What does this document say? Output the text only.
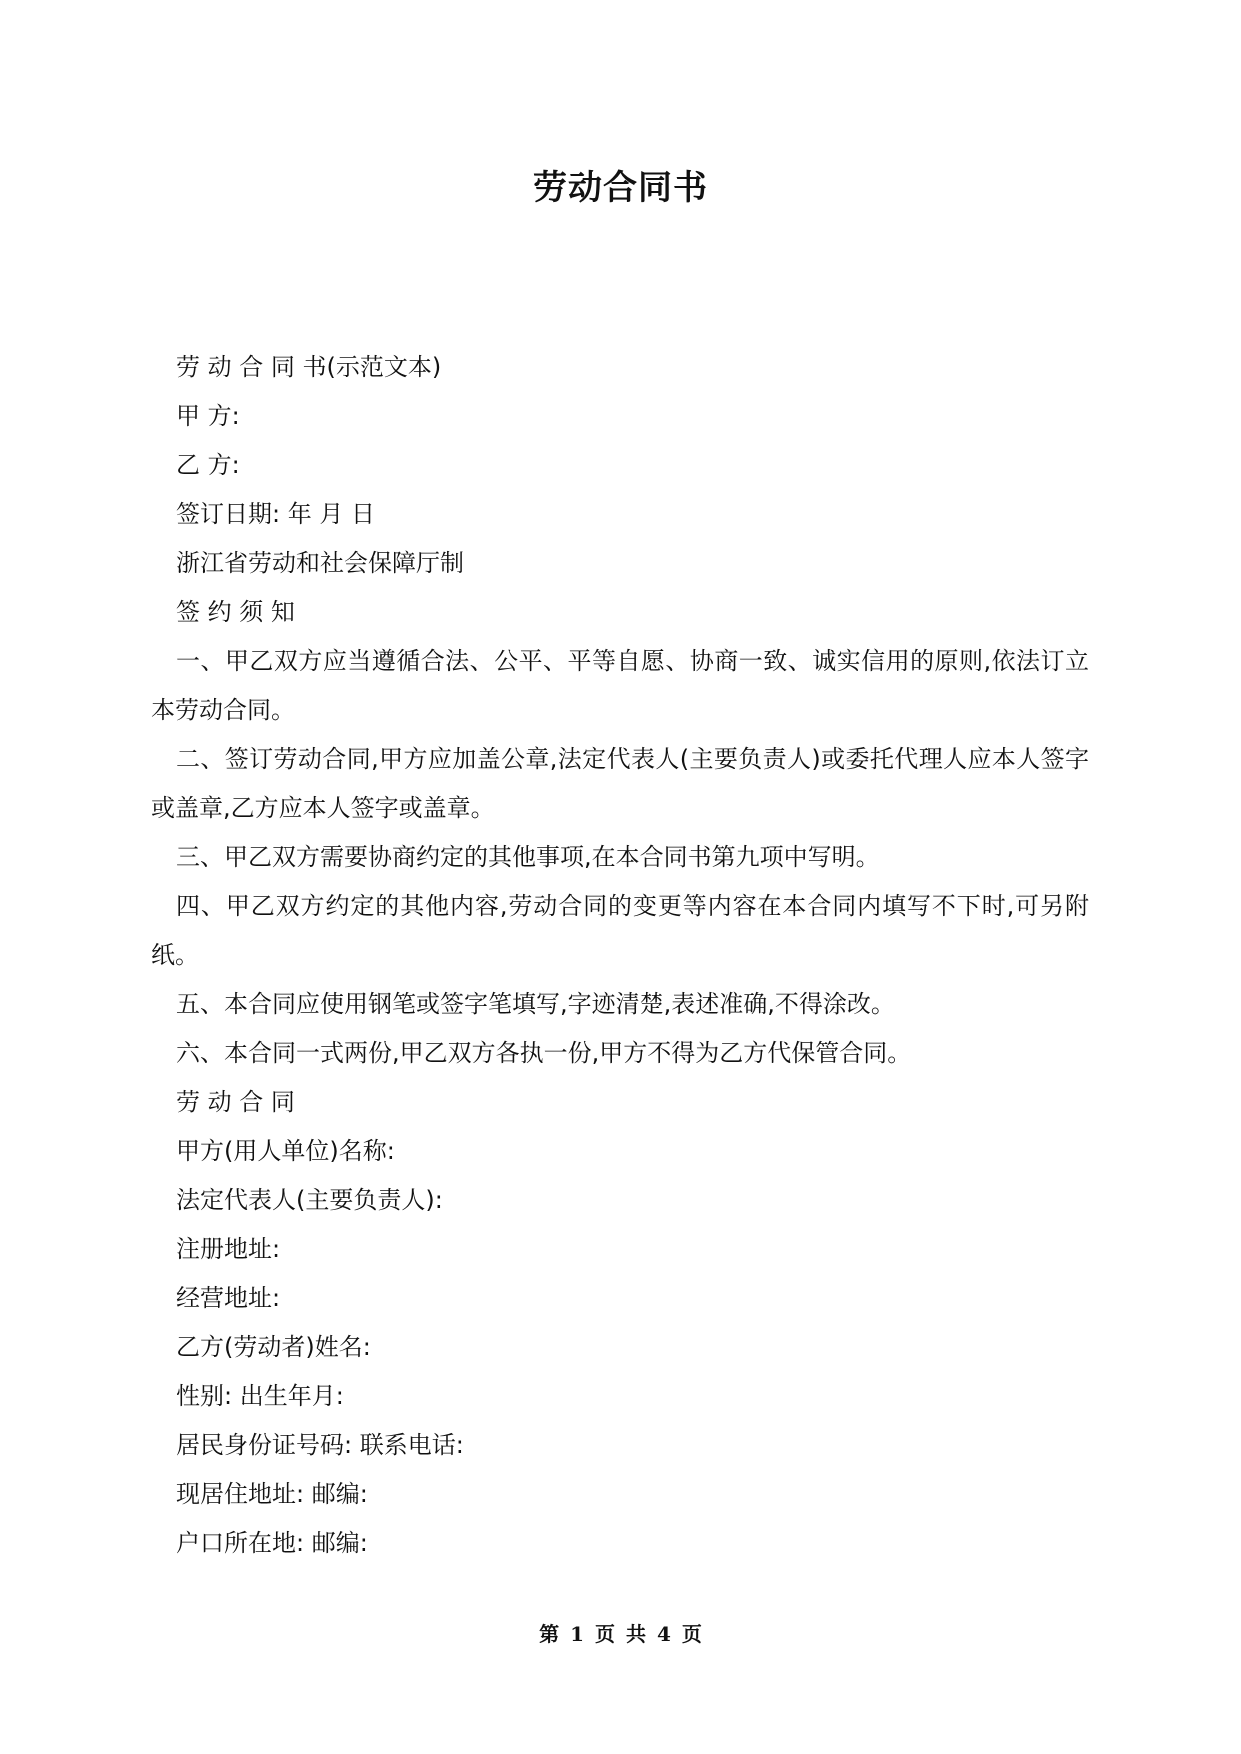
劳动合同书

劳 动 合 同 书(示范文本)

甲 方:

乙 方:

签订日期: 年 月 日

浙江省劳动和社会保障厅制

签 约 须 知

一、甲乙双方应当遵循合法、公平、平等自愿、协商一致、诚实信用的原则,依法订立本劳动合同。

二、签订劳动合同,甲方应加盖公章,法定代表人(主要负责人)或委托代理人应本人签字或盖章,乙方应本人签字或盖章。

三、甲乙双方需要协商约定的其他事项,在本合同书第九项中写明。

四、甲乙双方约定的其他内容,劳动合同的变更等内容在本合同内填写不下时,可另附纸。

五、本合同应使用钢笔或签字笔填写,字迹清楚,表述准确,不得涂改。

六、本合同一式两份,甲乙双方各执一份,甲方不得为乙方代保管合同。

劳 动 合 同

甲方(用人单位)名称:

法定代表人(主要负责人):

注册地址:

经营地址:

乙方(劳动者)姓名:

性别: 出生年月:

居民身份证号码: 联系电话:

现居住地址: 邮编:

户口所在地: 邮编:

第 1 页 共 4 页
